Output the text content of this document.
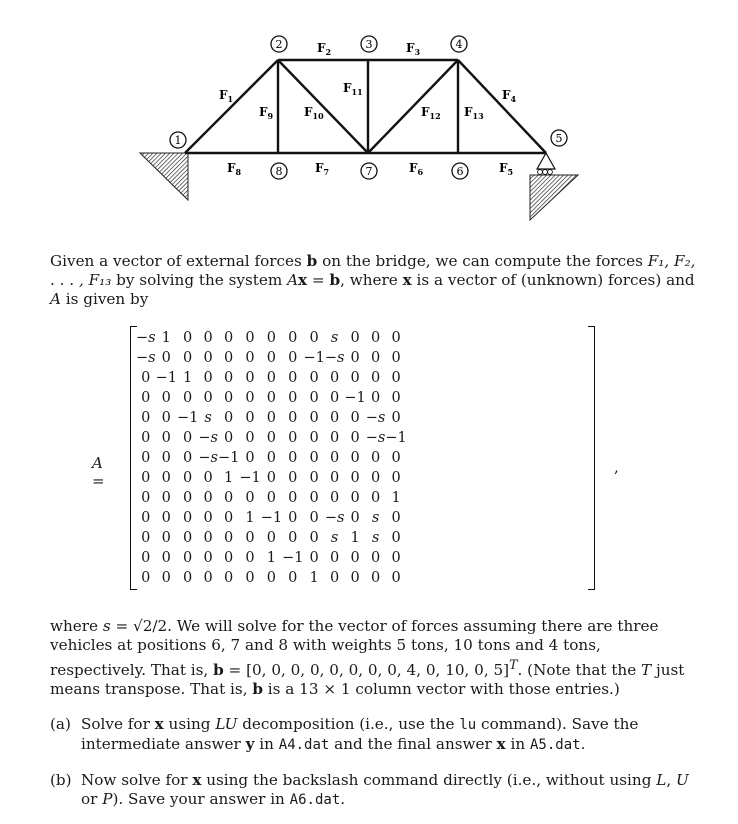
1
2	3	4
5
6
7
8
$F_1$
$F_2$	$F_3$
$F_4$
$F_5$
$F_6$
$F_7$
$F_8$
$F_9$	$F_{10}$
$F_{11}$
$F_{12}$ $F_{13}$
Given a vector of external forces b on the bridge, we can compute the forces F₁, F₂, . . . , F₁₃ by solving the system Ax = b, where x is a vector of (unknown) forces) and A is given by
A =
−s	1	0	0	0	0	0	0	0	s	0	0	0
−s	0	0	0	0	0	0	0	−1	−s	0	0	0
0	−1	1	0	0	0	0	0	0	0	0	0	0
0	0	0	0	0	0	0	0	0	0	−1	0	0
0	0	−1	s	0	0	0	0	0	0	0	−s	0
0	0	0	−s	0	0	0	0	0	0	0	−s	−1
0	0	0	−s	−1	0	0	0	0	0	0	0	0
0	0	0	0	1	−1	0	0	0	0	0	0	0
0	0	0	0	0	0	0	0	0	0	0	0	1
0	0	0	0	0	1	−1	0	0	−s	0	s	0
0	0	0	0	0	0	0	0	0	s	1	s	0
0	0	0	0	0	0	1	−1	0	0	0	0	0
0	0	0	0	0	0	0	0	1	0	0	0	0
,
where s = √2/2. We will solve for the vector of forces assuming there are three vehicles at positions 6, 7 and 8 with weights 5 tons, 10 tons and 4 tons, respectively. That is, b = [0, 0, 0, 0, 0, 0, 0, 0, 4, 0, 10, 0, 5]$^T$. (Note that the T just means transpose. That is, b is a 13 × 1 column vector with those entries.)
(a) Solve for x using LU decomposition (i.e., use the lu command). Save the intermediate answer y in A4.dat and the final answer x in A5.dat.
(b) Now solve for x using the backslash command directly (i.e., without using L, U or P). Save your answer in A6.dat.
